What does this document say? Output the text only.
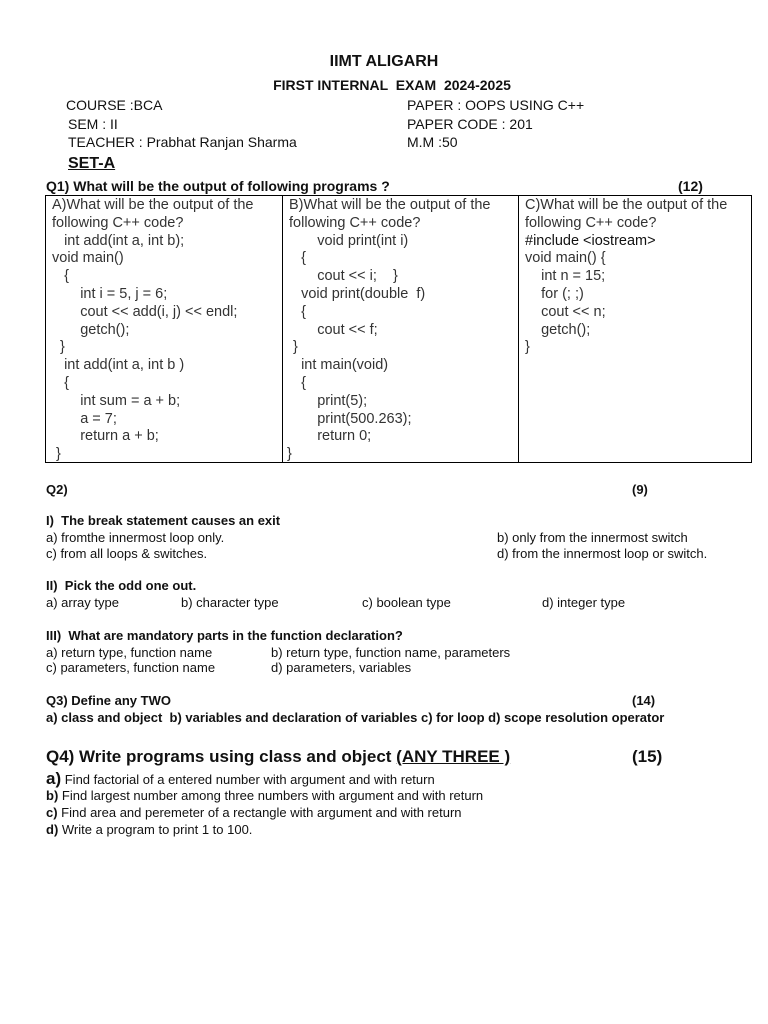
IIMT ALIGARH
FIRST INTERNAL  EXAM  2024-2025
COURSE :BCA
SEM : II
TEACHER : Prabhat Ranjan Sharma
PAPER : OOPS USING C++
PAPER CODE : 201
M.M :50
SET-A
Q1) What will be the output of following programs ?	(12)
A)What will be the output of the
following C++ code?
int add(int a, int b);
void main()
{
int i = 5, j = 6;
cout << add(i, j) << endl;
getch();
}
int add(int a, int b )
{
int sum = a + b;
a = 7;
return a + b;
}
B)What will be the output of the
following C++ code?
void print(int i)
{
cout << i;    }
void print(double  f)
{
cout << f;
}
int main(void)
{
print(5);
print(500.263);
return 0;
}
C)What will be the output of the
following C++ code?
#include <iostream>
void main() {
int n = 15;
for (; ;)
cout << n;
getch();
}
Q2)	(9)
I)  The break statement causes an exit
a) fromthe innermost loop only.	b) only from the innermost switch
c) from all loops & switches.	d) from the innermost loop or switch.
II)  Pick the odd one out.
a) array type	b) character type	c) boolean type	d) integer type
III)  What are mandatory parts in the function declaration?
a) return type, function name	b) return type, function name, parameters
c) parameters, function name	d) parameters, variables
Q3) Define any TWO	(14)
a) class and object  b) variables and declaration of variables c) for loop d) scope resolution operator
Q4) Write programs using class and object (ANY THREE )	(15)
a) Find factorial of a entered number with argument and with return
b) Find largest number among three numbers with argument and with return
c) Find area and peremeter of a rectangle with argument and with return
d) Write a program to print 1 to 100.
